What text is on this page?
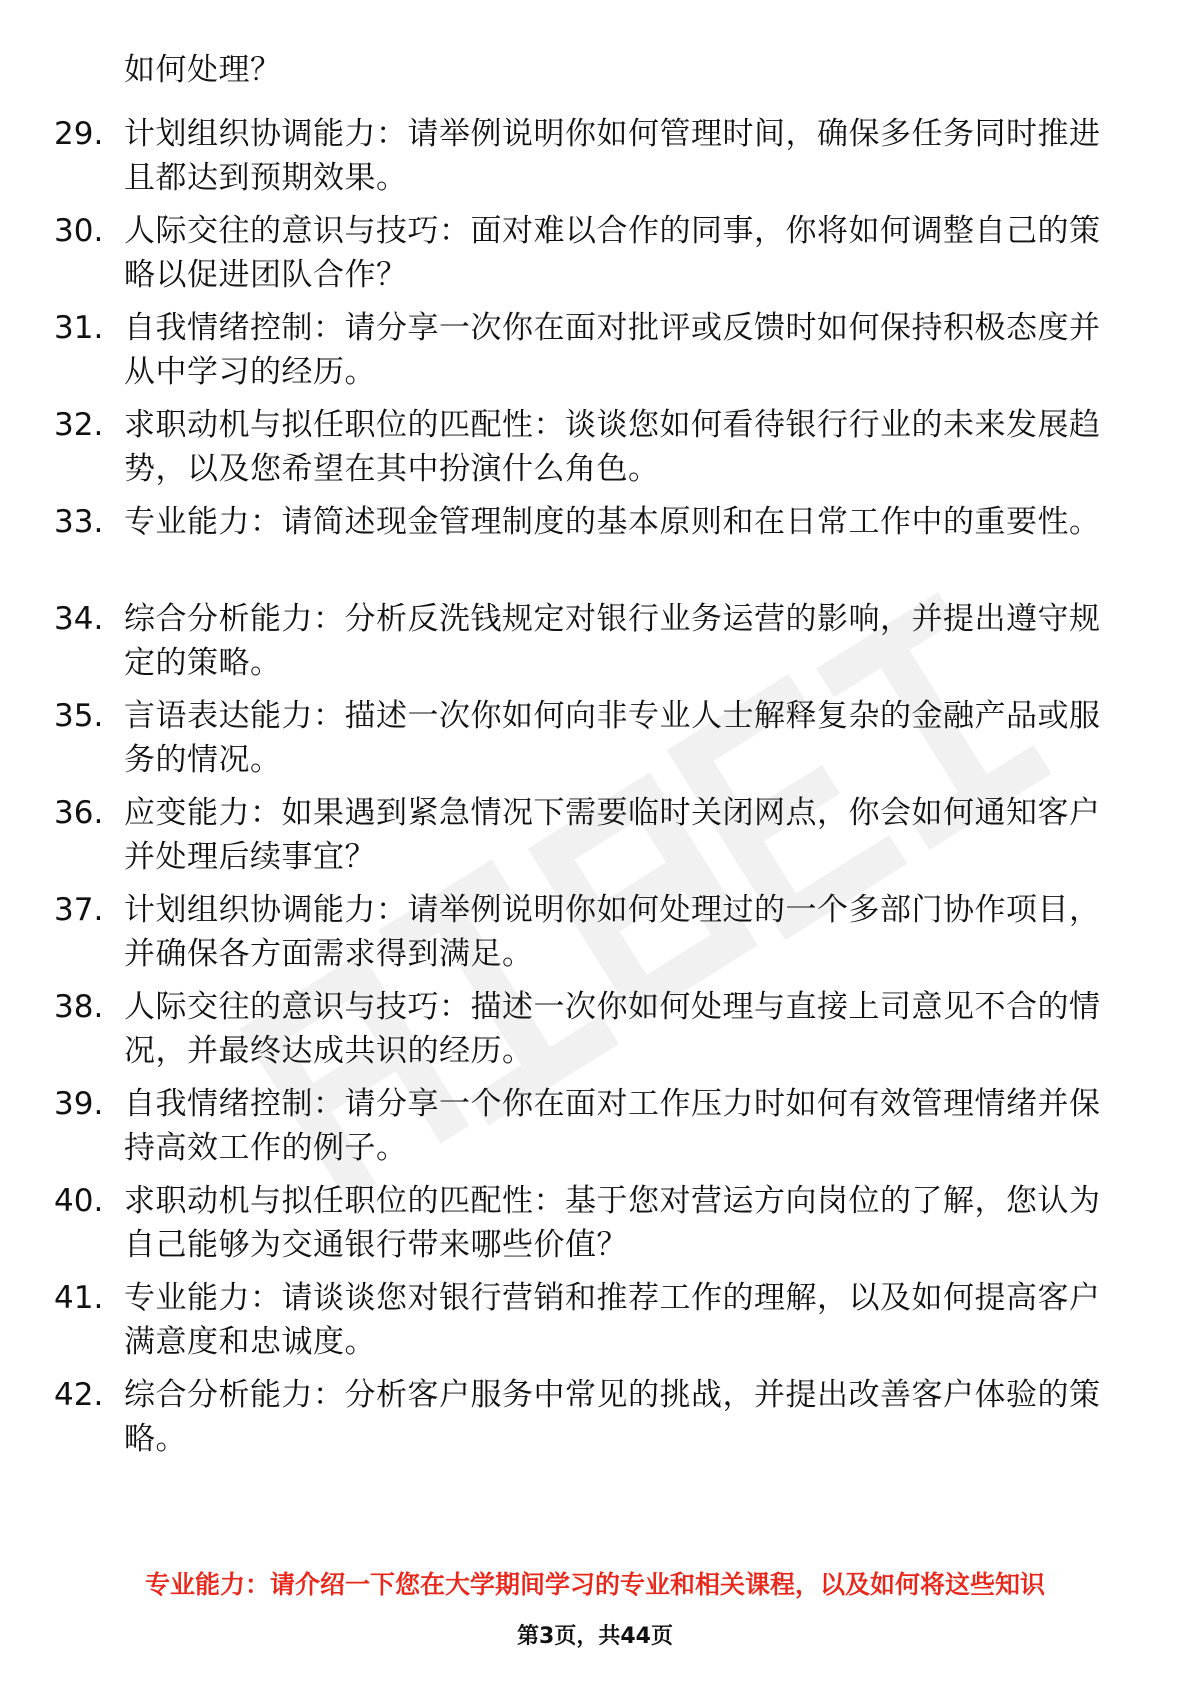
如何处理？
29. 计划组织协调能力：请举例说明你如何管理时间，确保多任务同时推进且都达到预期效果。
30. 人际交往的意识与技巧：面对难以合作的同事，你将如何调整自己的策略以促进团队合作？
31. 自我情绪控制：请分享一次你在面对批评或反馈时如何保持积极态度并从中学习的经历。
32. 求职动机与拟任职位的匹配性：谈谈您如何看待银行行业的未来发展趋势，以及您希望在其中扮演什么角色。
33. 专业能力：请简述现金管理制度的基本原则和在日常工作中的重要性。
34. 综合分析能力：分析反洗钱规定对银行业务运营的影响，并提出遵守规定的策略。
35. 言语表达能力：描述一次你如何向非专业人士解释复杂的金融产品或服务的情况。
36. 应变能力：如果遇到紧急情况下需要临时关闭网点，你会如何通知客户并处理后续事宜？
37. 计划组织协调能力：请举例说明你如何处理过的一个多部门协作项目，并确保各方面需求得到满足。
38. 人际交往的意识与技巧：描述一次你如何处理与直接上司意见不合的情况，并最终达成共识的经历。
39. 自我情绪控制：请分享一个你在面对工作压力时如何有效管理情绪并保持高效工作的例子。
40. 求职动机与拟任职位的匹配性：基于您对营运方向岗位的了解，您认为自己能够为交通银行带来哪些价值？
41. 专业能力：请谈谈您对银行营销和推荐工作的理解，以及如何提高客户满意度和忠诚度。
42. 综合分析能力：分析客户服务中常见的挑战，并提出改善客户体验的策略。
专业能力：请介绍一下您在大学期间学习的专业和相关课程，以及如何将这些知识
第3页，共44页
